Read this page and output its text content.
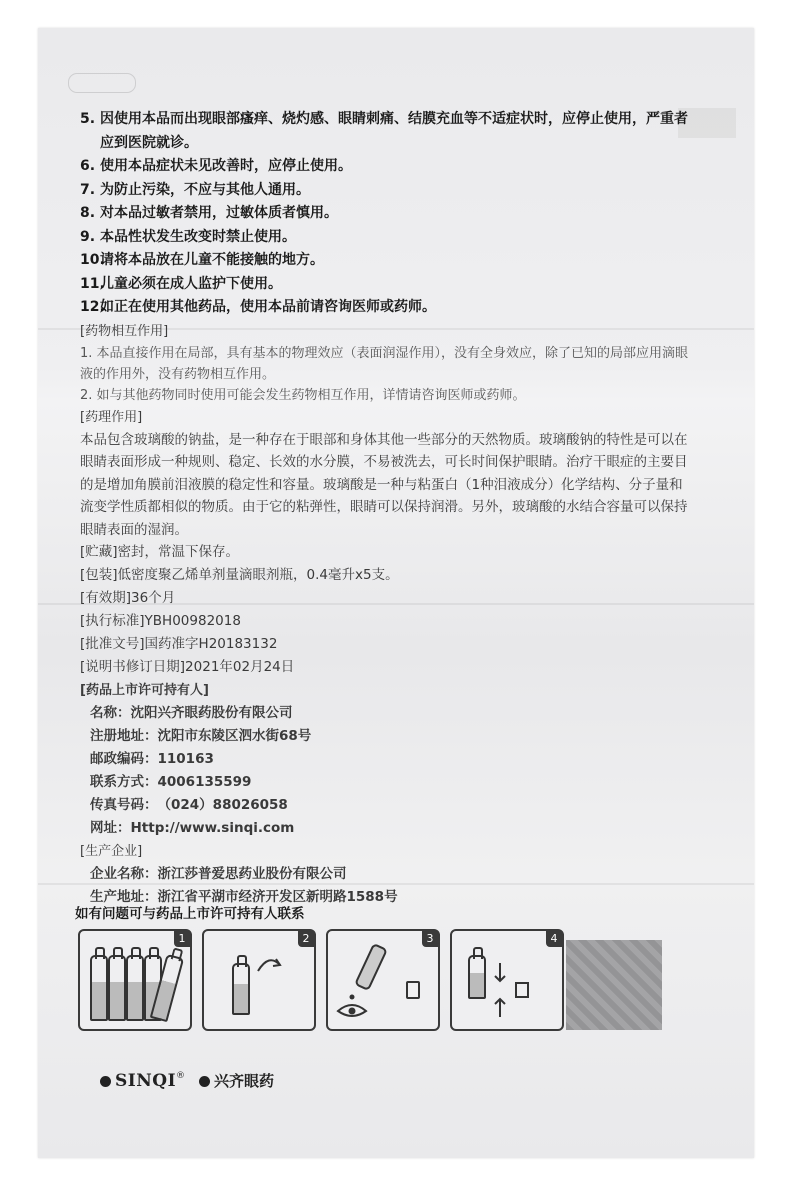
5. 因使用本品而出现眼部瘙痒、烧灼感、眼睛刺痛、结膜充血等不适症状时，应停止使用，严重者应到医院就诊。
6. 使用本品症状未见改善时，应停止使用。
7. 为防止污染，不应与其他人通用。
8. 对本品过敏者禁用，过敏体质者慎用。
9. 本品性状发生改变时禁止使用。
10.
请将本品放在儿童不能接触的地方。
11.
儿童必须在成人监护下使用。
12.
如正在使用其他药品，使用本品前请咨询医师或药师。
[药物相互作用]
1. 本品直接作用在局部，具有基本的物理效应（表面润湿作用），没有全身效应，除了已知的局部应用滴眼液的作用外，没有药物相互作用。
2. 如与其他药物同时使用可能会发生药物相互作用，详情请咨询医师或药师。
[药理作用]
本品包含玻璃酸的钠盐，是一种存在于眼部和身体其他一些部分的天然物质。玻璃酸钠的特性是可以在眼睛表面形成一种规则、稳定、长效的水分膜，不易被洗去，可长时间保护眼睛。治疗干眼症的主要目的是增加角膜前泪液膜的稳定性和容量。玻璃酸是一种与粘蛋白（1种泪液成分）化学结构、分子量和流变学性质都相似的物质。由于它的粘弹性，眼睛可以保持润滑。另外，玻璃酸的水结合容量可以保持眼睛表面的湿润。
[贮藏] 密封，常温下保存。
[包装] 低密度聚乙烯单剂量滴眼剂瓶，0.4毫升x5支。
[有效期] 36个月
[执行标准] YBH00982018
[批准文号] 国药准字H20183132
[说明书修订日期] 2021年02月24日
[药品上市许可持有人]
名称： 沈阳兴齐眼药股份有限公司
注册地址： 沈阳市东陵区泗水街68号
邮政编码： 110163
联系方式： 4006135599
传真号码： （024）88026058
网址： Http://www.sinqi.com
[生产企业]
企业名称： 浙江莎普爱思药业股份有限公司
生产地址： 浙江省平湖市经济开发区新明路1588号
如有问题可与药品上市许可持有人联系
1	2	3	4
SINQI®	兴齐眼药
